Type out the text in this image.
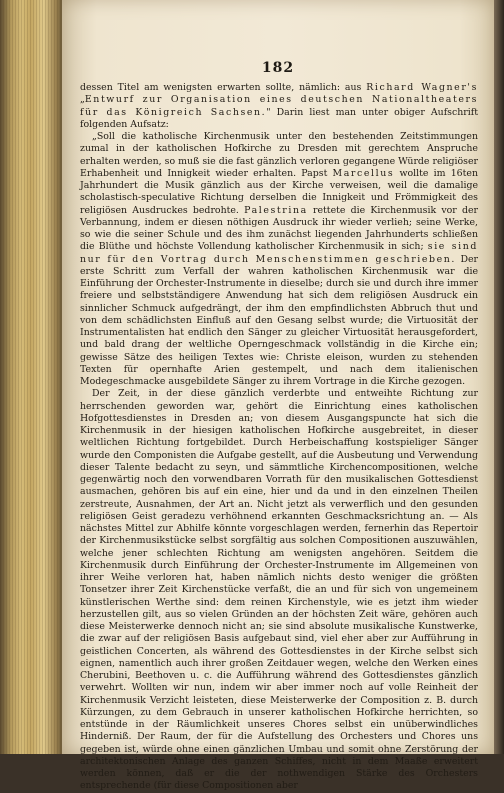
182

dessen Titel am wenigsten erwarten sollte, nämlich: aus Richard Wagner's „Entwurf zur Organisation eines deutschen Nationaltheaters für das Königreich Sachsen." Darin liest man unter obiger Aufschrift folgenden Aufsatz:

„Soll die katholische Kirchenmusik unter den bestehenden Zeitstimmungen zumal in der katholischen Hofkirche zu Dresden mit gerechtem Anspruche erhalten werden, so muß sie die fast gänzlich verloren gegangene Würde religiöser Erhabenheit und Innigkeit wieder erhalten. Papst Marcellus wollte im 16ten Jahrhundert die Musik gänzlich aus der Kirche verweisen, weil die damalige scholastisch-speculative Richtung derselben die Innigkeit und Frömmigkeit des religiösen Ausdruckes bedrohte. Palestrina rettete die Kirchenmusik vor der Verbannung, indem er diesen nöthigen Ausdruck ihr wieder verlieh; seine Werke, so wie die seiner Schule und des ihm zunächst liegenden Jahrhunderts schließen die Blüthe und höchste Vollendung katholischer Kirchenmusik in sich; sie sind nur für den Vortrag durch Menschenstimmen geschrieben. Der erste Schritt zum Verfall der wahren katholischen Kirchenmusik war die Einführung der Orchester-Instrumente in dieselbe; durch sie und durch ihre immer freiere und selbstständigere Anwendung hat sich dem religiösen Ausdruck ein sinnlicher Schmuck aufgedrängt, der ihm den empfindlichsten Abbruch thut und von dem schädlichsten Einfluß auf den Gesang selbst wurde; die Virtuosität der Instrumentalisten hat endlich den Sänger zu gleicher Virtuosität herausgefordert, und bald drang der weltliche Operngeschmack vollständig in die Kirche ein; gewisse Sätze des heiligen Textes wie: Christe eleison, wurden zu stehenden Texten für opernhafte Arien gestempelt, und nach dem italienischen Modegeschmacke ausgebildete Sänger zu ihrem Vortrage in die Kirche gezogen.

Der Zeit, in der diese gänzlich verderbte und entweihte Richtung zur herrschenden geworden war, gehört die Einrichtung eines katholischen Hofgottesdienstes in Dresden an; von diesem Ausgangspuncte hat sich die Kirchenmusik in der hiesigen katholischen Hofkirche ausgebreitet, in dieser weltlichen Richtung fortgebildet. Durch Herbeischaffung kostspieliger Sänger wurde den Componisten die Aufgabe gestellt, auf die Ausbeutung und Verwendung dieser Talente bedacht zu seyn, und sämmtliche Kirchencompositionen, welche gegenwärtig noch den vorwendbaren Vorrath für den musikalischen Gottesdienst ausmachen, gehören bis auf ein eine, hier und da und in den einzelnen Theilen zerstreute, Ausnahmen, der Art an. Nicht jetzt als verwerflich und den gesunden religiösen Geist geradezu verhöhnend erkannten Geschmacksrichtung an. — Als nächstes Mittel zur Abhilfe könnte vorgeschlagen werden, fernerhin das Repertoir der Kirchenmusikstücke selbst sorgfältig aus solchen Compositionen auszuwählen, welche jener schlechten Richtung am wenigsten angehören. Seitdem die Kirchenmusik durch Einführung der Orchester-Instrumente im Allgemeinen von ihrer Weihe verloren hat, haben nämlich nichts desto weniger die größten Tonsetzer ihrer Zeit Kirchenstücke verfaßt, die an und für sich von ungemeinem künstlerischen Werthe sind: dem reinen Kirchenstyle, wie es jetzt ihm wieder herzustellen gilt, aus so vielen Gründen an der höchsten Zeit wäre, gehören auch diese Meisterwerke dennoch nicht an; sie sind absolute musikalische Kunstwerke, die zwar auf der religiösen Basis aufgebaut sind, viel eher aber zur Aufführung in geistlichen Concerten, als während des Gottesdienstes in der Kirche selbst sich eignen, namentlich auch ihrer großen Zeitdauer wegen, welche den Werken eines Cherubini, Beethoven u. c. die Aufführung während des Gottesdienstes gänzlich verwehrt. Wollten wir nun, indem wir aber immer noch auf volle Reinheit der Kirchenmusik Verzicht leisteten, diese Meisterwerke der Composition z. B. durch Kürzungen, zu dem Gebrauch in unserer katholischen Hofkirche herrichten, so entstünde in der Räumlichkeit unseres Chores selbst ein unüberwindliches Hinderniß. Der Raum, der für die Aufstellung des Orchesters und Chores uns gegeben ist, würde ohne einen gänzlichen Umbau und somit ohne Zerstörung der architektonischen Anlage des ganzen Schiffes, nicht in dem Maaße erweitert werden können, daß er die der nothwendigen Stärke des Orchesters entsprechende (für diese Compositionen aber
